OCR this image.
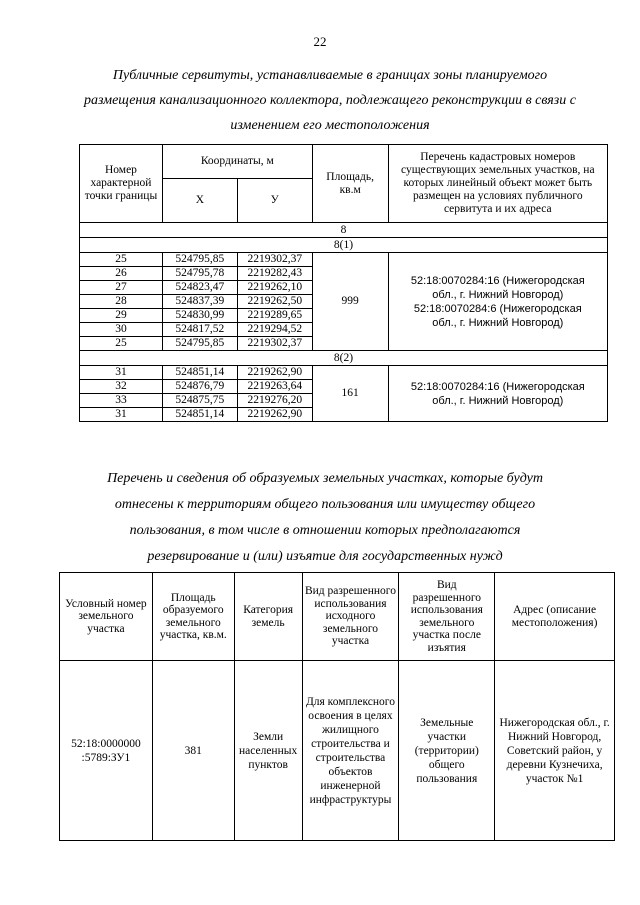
22
Публичные сервитуты, устанавливаемые в границах зоны планируемого размещения канализационного коллектора, подлежащего реконструкции в связи с изменением его местоположения
Номер характерной точки границы	Координаты, м		Площадь, кв.м	Перечень кадастровых номеров существующих земельных участков, на которых линейный объект может быть размещен на условиях публичного сервитута и их адреса
	X	У		
8				
8(1)				
25	524795,85	2219302,37	999	52:18:0070284:16 (Нижегородская
обл., г. Нижний Новгород)
52:18:0070284:6 (Нижегородская
обл., г. Нижний Новгород)

26	524795,78	2219282,43		
27	524823,47	2219262,10		
28	524837,39	2219262,50		
29	524830,99	2219289,65		
30	524817,52	2219294,52		
25	524795,85	2219302,37		
8(2)				
31	524851,14	2219262,90	161	52:18:0070284:16 (Нижегородская
обл., г. Нижний Новгород)

32	524876,79	2219263,64		
33	524875,75	2219276,20		
31	524851,14	2219262,90		
Перечень и сведения об образуемых земельных участках, которые будут отнесены к территориям общего пользования или имуществу общего пользования, в том числе в отношении которых предполагаются резервирование и (или) изъятие для государственных нужд
Условный номер земельного участка	Площадь образуемого земельного участка, кв.м.	Категория земель	Вид разрешенного использования исходного земельного участка	Вид разрешенного использования земельного участка после изъятия	Адрес (описание местоположения)
52:18:0000000 :5789:ЗУ1	381	Земли населенных пунктов	Для комплексного освоения в целях жилищного строительства и строительства объектов инженерной инфраструктуры	Земельные участки (территории) общего пользования	Нижегородская обл., г. Нижний Новгород, Советский район, у деревни Кузнечиха, участок №1
